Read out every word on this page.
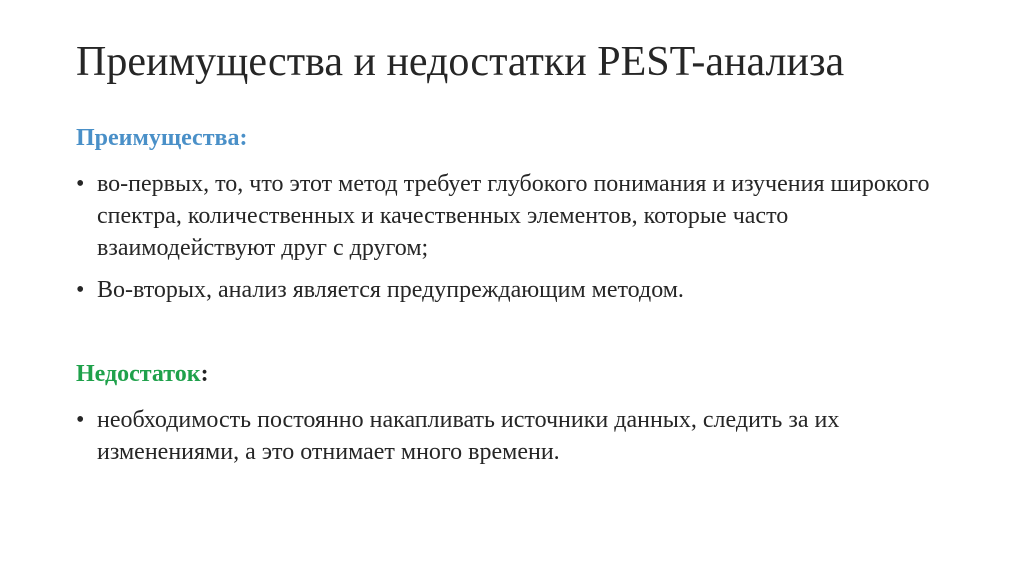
Преимущества и недостатки PEST-анализа
Преимущества:
• во-первых, то, что этот метод требует глубокого понимания и изучения широкого спектра, количественных и качественных элементов, которые часто взаимодействуют друг с другом;
• Во-вторых, анализ является предупреждающим методом.
Недостаток:
• необходимость постоянно накапливать источники данных, следить за их изменениями, а это отнимает много времени.
